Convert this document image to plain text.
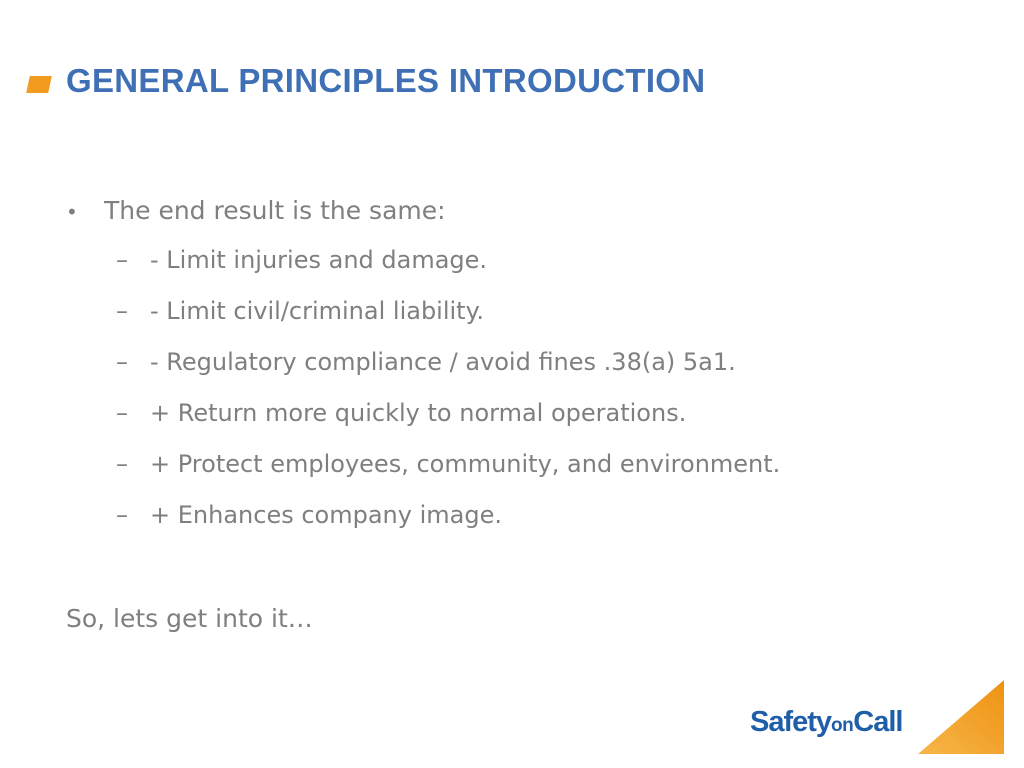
GENERAL PRINCIPLES INTRODUCTION
•	The end result is the same:
– - Limit injuries and damage.
– - Limit civil/criminal liability.
– - Regulatory compliance / avoid fines .38(a) 5a1.
– + Return more quickly to normal operations.
– + Protect employees, community, and environment.
– + Enhances company image.
So, lets get into it…
SafetyonCall
